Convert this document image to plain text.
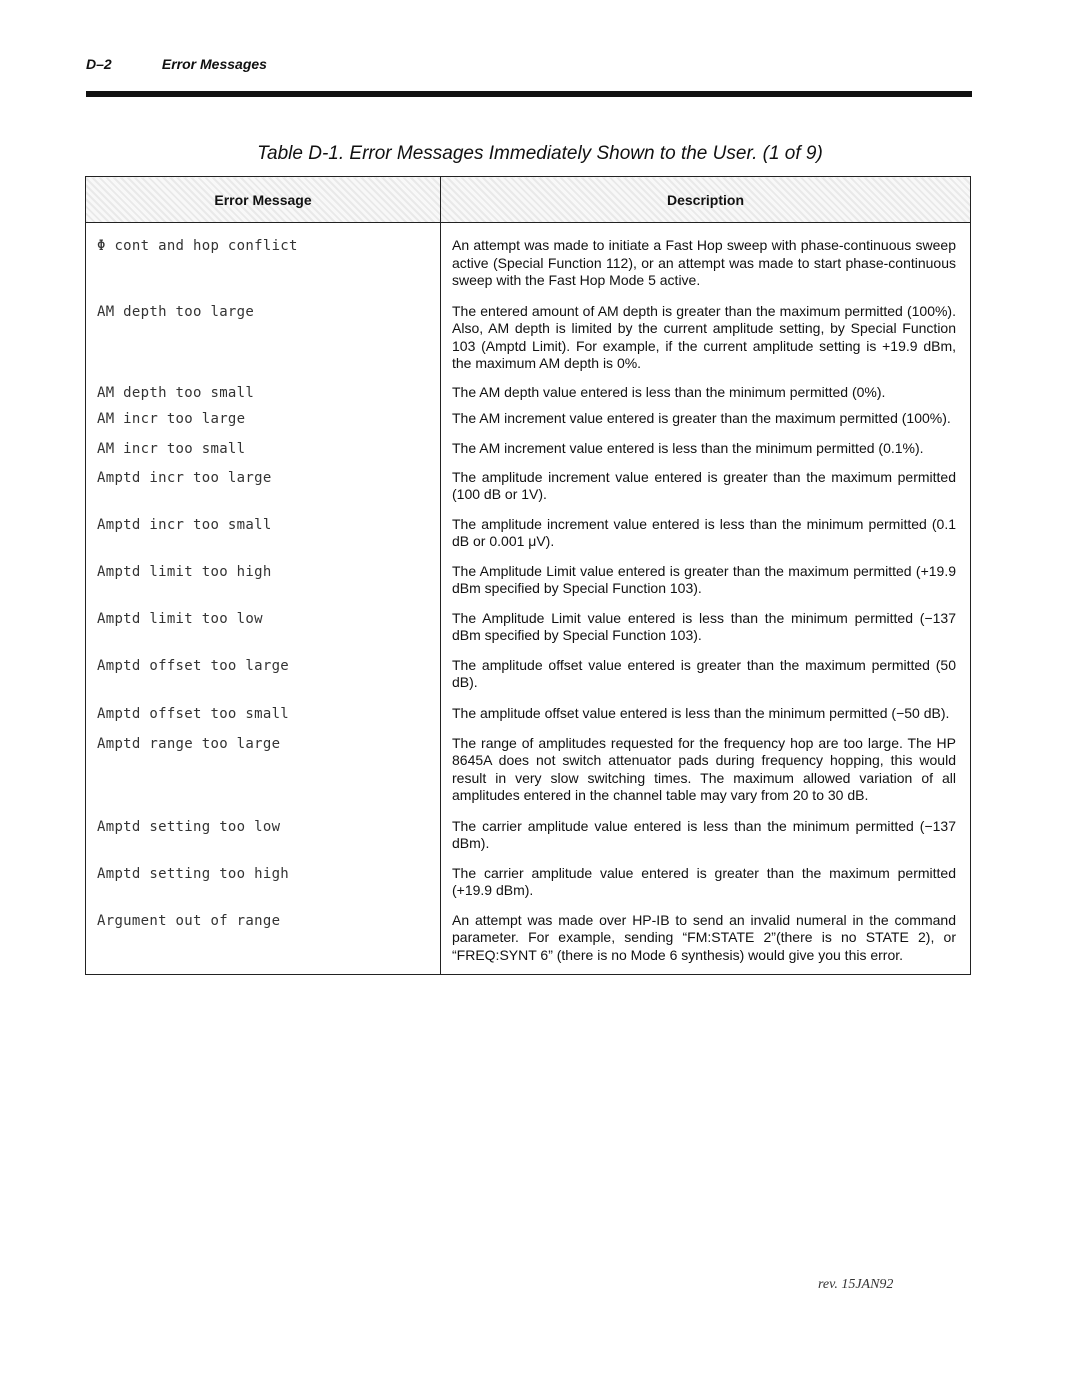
D–2	Error Messages
Table D-1. Error Messages Immediately Shown to the User. (1 of 9)
Error Message	Description

Φ cont and hop conflict	An attempt was made to initiate a Fast Hop sweep with phase-continuous sweep active (Special Function 112), or an attempt was made to start phase-continuous sweep with the Fast Hop Mode 5 active.

AM depth too large	The entered amount of AM depth is greater than the maximum permitted (100%). Also, AM depth is limited by the current amplitude setting, by Special Function 103 (Amptd Limit). For example, if the current amplitude setting is +19.9 dBm, the maximum AM depth is 0%.

AM depth too small	The AM depth value entered is less than the minimum permitted (0%).

AM incr too large	The AM increment value entered is greater than the maximum permitted (100%).

AM incr too small	The AM increment value entered is less than the minimum permitted (0.1%).

Amptd incr too large	The amplitude increment value entered is greater than the maximum permitted (100 dB or 1V).

Amptd incr too small	The amplitude increment value entered is less than the minimum permitted (0.1 dB or 0.001 μV).

Amptd limit too high	The Amplitude Limit value entered is greater than the maximum permitted (+19.9 dBm specified by Special Function 103).

Amptd limit too low	The Amplitude Limit value entered is less than the minimum permitted (−137 dBm specified by Special Function 103).

Amptd offset too large	The amplitude offset value entered is greater than the maximum permitted (50 dB).

Amptd offset too small	The amplitude offset value entered is less than the minimum permitted (−50 dB).

Amptd range too large	The range of amplitudes requested for the frequency hop are too large. The HP 8645A does not switch attenuator pads during frequency hopping, this would result in very slow switching times. The maximum allowed variation of all amplitudes entered in the channel table may vary from 20 to 30 dB.

Amptd setting too low	The carrier amplitude value entered is less than the minimum permitted (−137 dBm).

Amptd setting too high	The carrier amplitude value entered is greater than the maximum permitted (+19.9 dBm).

Argument out of range	An attempt was made over HP-IB to send an invalid numeral in the command parameter. For example, sending “FM:STATE 2”(there is no STATE 2), or “FREQ:SYNT 6” (there is no Mode 6 synthesis) would give you this error.
rev. 15JAN92
